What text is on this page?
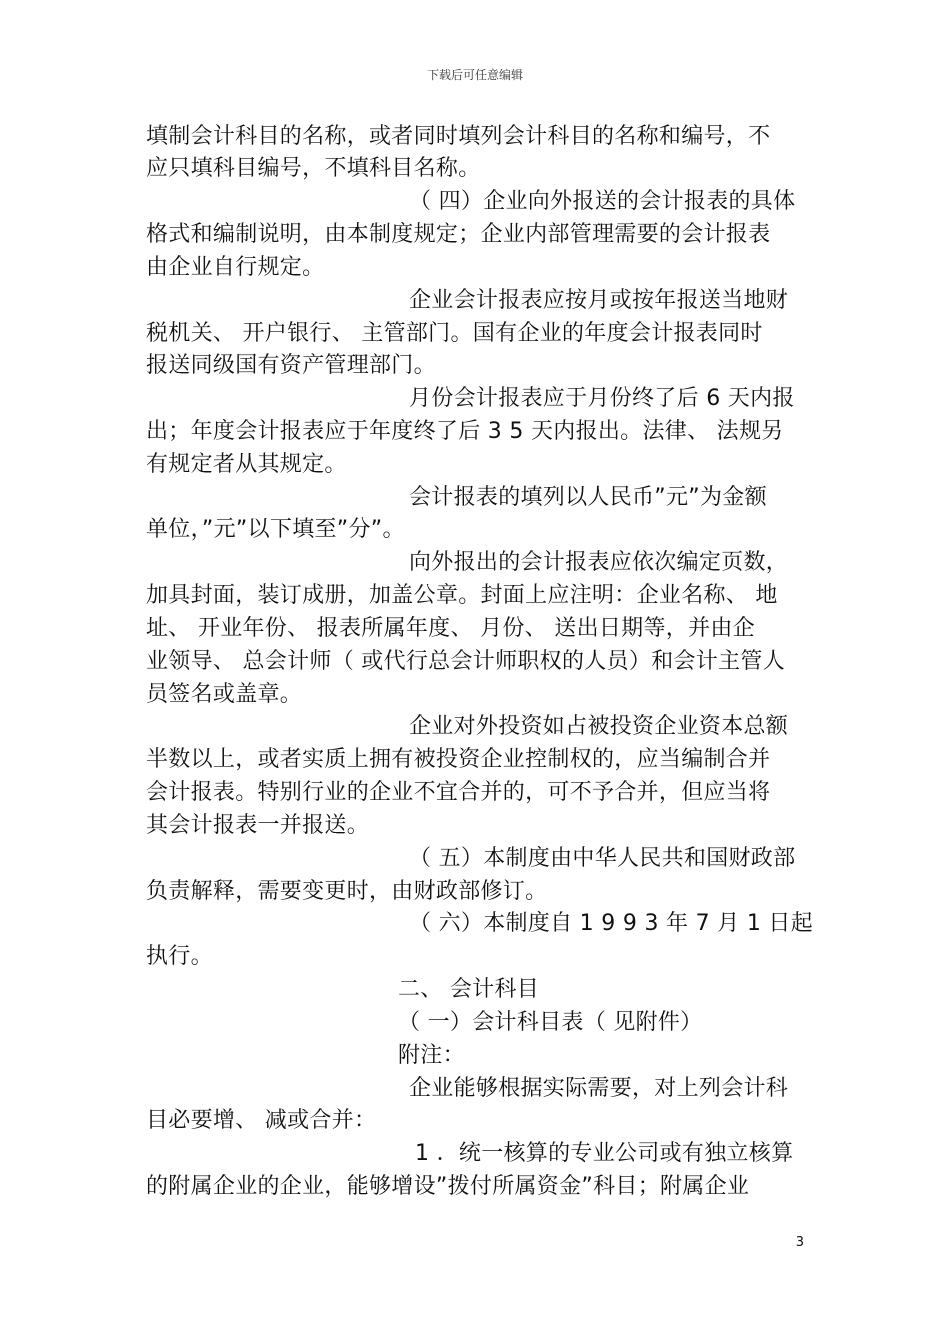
下载后可任意编辑
填制会计科目的名称，或者同时填列会计科目的名称和编号，不
应只填科目编号，不填科目名称。
（ 四）企业向外报送的会计报表的具体
格式和编制说明，由本制度规定；企业内部管理需要的会计报表
由企业自行规定。
企业会计报表应按月或按年报送当地财
税机关、 开户银行、 主管部门。国有企业的年度会计报表同时
报送同级国有资产管理部门。
月份会计报表应于月份终了后 6 天内报
出；年度会计报表应于年度终了后 3 5 天内报出。法律、 法规另
有规定者从其规定。
会计报表的填列以人民币”元”为金额
单位，”元”以下填至”分”。
向外报出的会计报表应依次编定页数，
加具封面，装订成册，加盖公章。封面上应注明：企业名称、 地
址、 开业年份、 报表所属年度、 月份、 送出日期等，并由企
业领导、 总会计师（ 或代行总会计师职权的人员）和会计主管人
员签名或盖章。
企业对外投资如占被投资企业资本总额
半数以上，或者实质上拥有被投资企业控制权的，应当编制合并
会计报表。特别行业的企业不宜合并的，可不予合并，但应当将
其会计报表一并报送。
（ 五）本制度由中华人民共和国财政部
负责解释，需要变更时，由财政部修订。
（ 六）本制度自 1 9 9 3 年 7 月 1 日起
执行。
二、 会计科目
（ 一）会计科目表（ 见附件）
附注：
企业能够根据实际需要，对上列会计科
目必要增、 减或合并：
1 ．统一核算的专业公司或有独立核算
的附属企业的企业，能够增设”拨付所属资金”科目；附属企业
3
